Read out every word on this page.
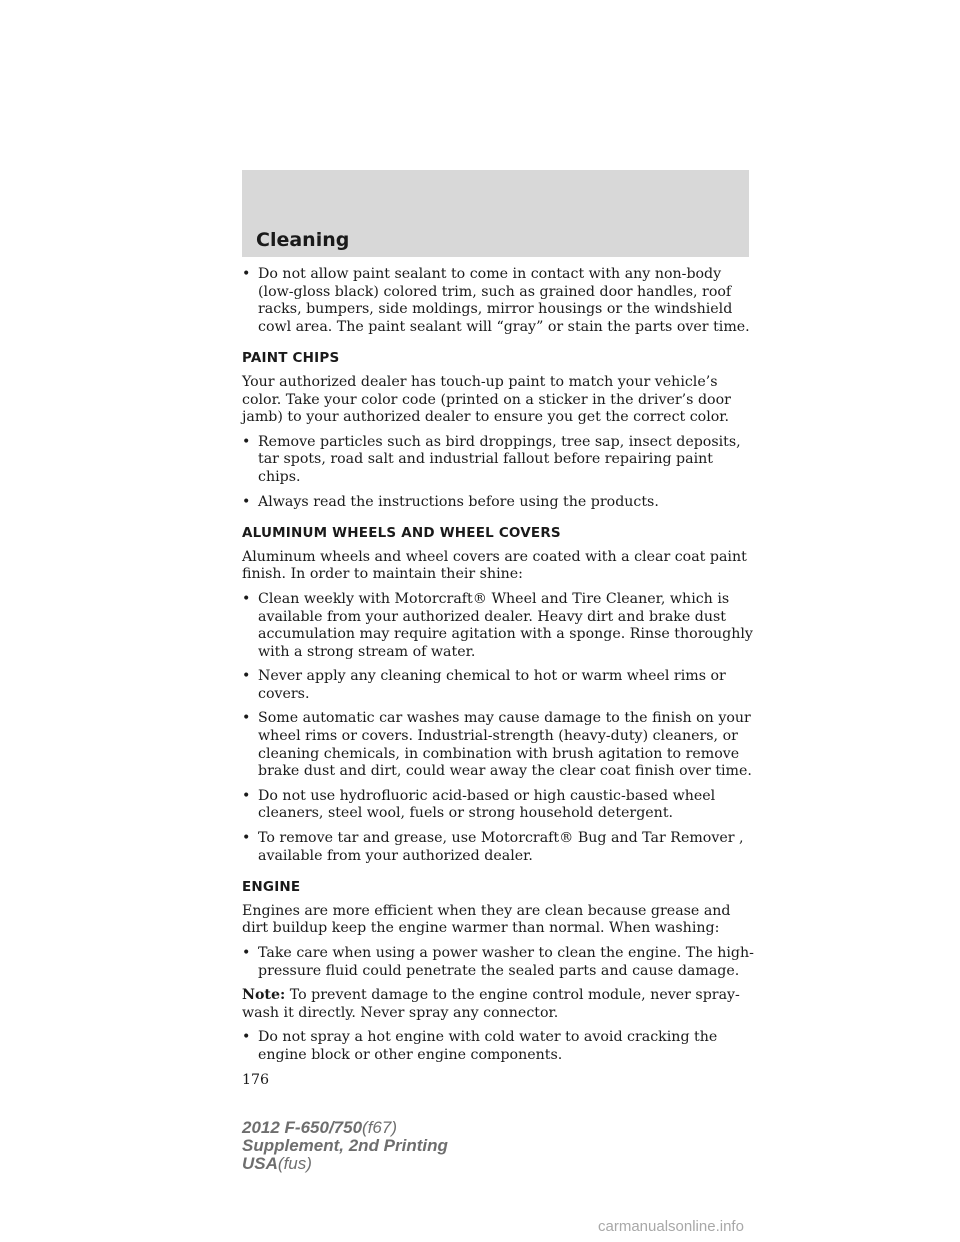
Cleaning
• Do not allow paint sealant to come in contact with any non-body (low-gloss black) colored trim, such as grained door handles, roof racks, bumpers, side moldings, mirror housings or the windshield cowl area. The paint sealant will “gray” or stain the parts over time.
PAINT CHIPS
Your authorized dealer has touch-up paint to match your vehicle’s color. Take your color code (printed on a sticker in the driver’s door jamb) to your authorized dealer to ensure you get the correct color.
• Remove particles such as bird droppings, tree sap, insect deposits, tar spots, road salt and industrial fallout before repairing paint chips.
• Always read the instructions before using the products.
ALUMINUM WHEELS AND WHEEL COVERS
Aluminum wheels and wheel covers are coated with a clear coat paint finish. In order to maintain their shine:
• Clean weekly with Motorcraft® Wheel and Tire Cleaner, which is available from your authorized dealer. Heavy dirt and brake dust accumulation may require agitation with a sponge. Rinse thoroughly with a strong stream of water.
• Never apply any cleaning chemical to hot or warm wheel rims or covers.
• Some automatic car washes may cause damage to the finish on your wheel rims or covers. Industrial-strength (heavy-duty) cleaners, or cleaning chemicals, in combination with brush agitation to remove brake dust and dirt, could wear away the clear coat finish over time.
• Do not use hydrofluoric acid-based or high caustic-based wheel cleaners, steel wool, fuels or strong household detergent.
• To remove tar and grease, use Motorcraft® Bug and Tar Remover , available from your authorized dealer.
ENGINE
Engines are more efficient when they are clean because grease and dirt buildup keep the engine warmer than normal. When washing:
• Take care when using a power washer to clean the engine. The high-pressure fluid could penetrate the sealed parts and cause damage.
Note: To prevent damage to the engine control module, never spray-wash it directly. Never spray any connector.
• Do not spray a hot engine with cold water to avoid cracking the engine block or other engine components.
176
2012 F-650/750(f67)
Supplement, 2nd Printing
USA(fus)
carmanualsonline.info
